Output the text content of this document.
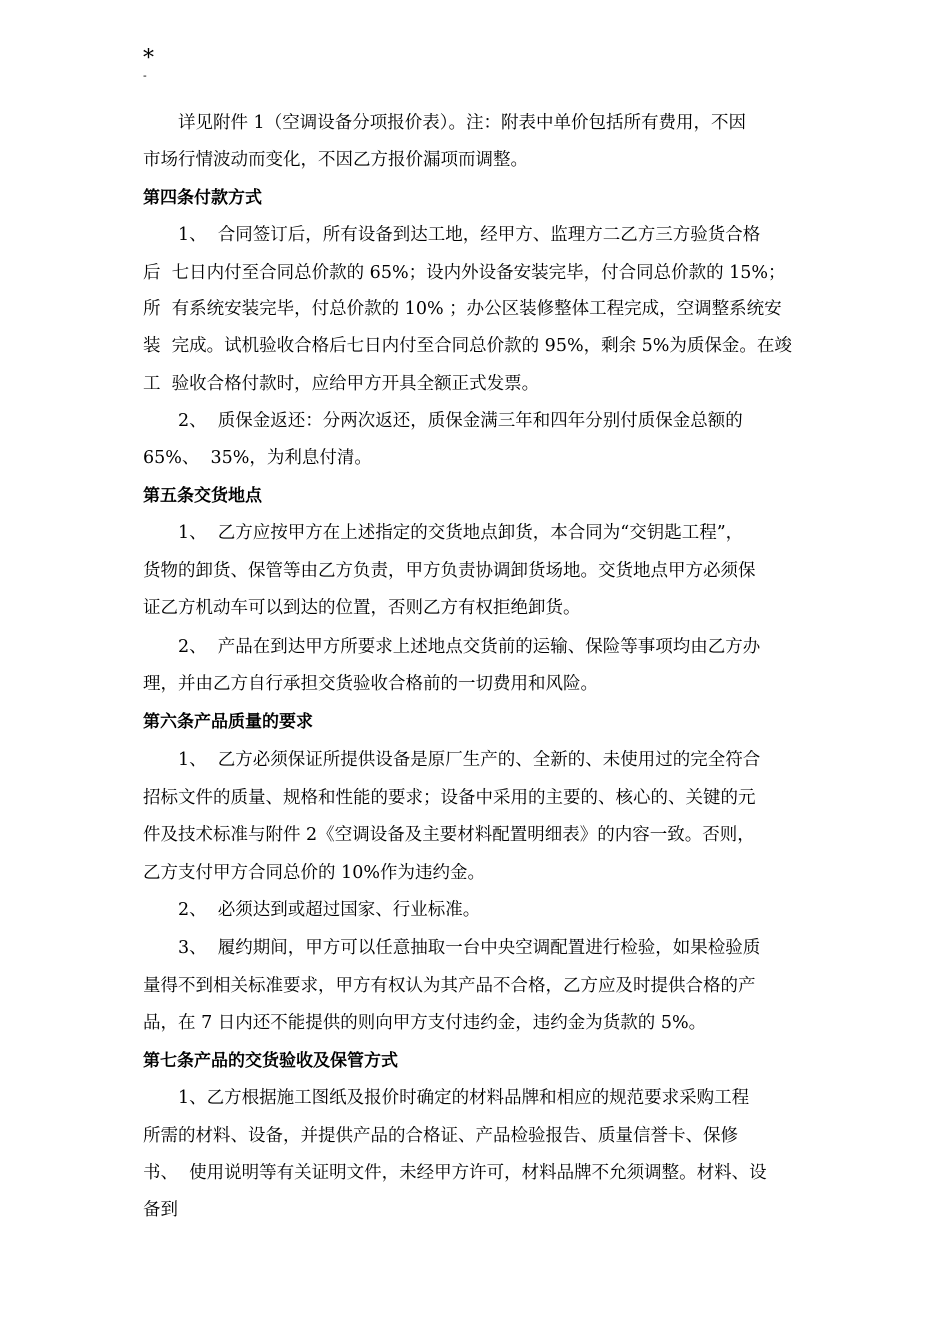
*
-

详见附件 1（空调设备分项报价表）。注：附表中单价包括所有费用，不因

市场行情波动而变化，不因乙方报价漏项而调整。

第四条付款方式

1、  合同签订后，所有设备到达工地，经甲方、监理方二乙方三方验货合格

后  七日内付至合同总价款的 65%；设内外设备安装完毕，付合同总价款的 15%；

所  有系统安装完毕，付总价款的 10% ；办公区装修整体工程完成，空调整系统安

装  完成。试机验收合格后七日内付至合同总价款的 95%，剩余 5%为质保金。在竣

工  验收合格付款时，应给甲方开具全额正式发票。

2、  质保金返还：分两次返还，质保金满三年和四年分别付质保金总额的

65%、  35%，为利息付清。

第五条交货地点

1、  乙方应按甲方在上述指定的交货地点卸货，本合同为“交钥匙工程”，

货物的卸货、保管等由乙方负责，甲方负责协调卸货场地。交货地点甲方必须保

证乙方机动车可以到达的位置，否则乙方有权拒绝卸货。

2、  产品在到达甲方所要求上述地点交货前的运输、保险等事项均由乙方办

理，并由乙方自行承担交货验收合格前的一切费用和风险。

第六条产品质量的要求

1、  乙方必须保证所提供设备是原厂生产的、全新的、未使用过的完全符合

招标文件的质量、规格和性能的要求；设备中采用的主要的、核心的、关键的元

件及技术标准与附件 2《空调设备及主要材料配置明细表》的内容一致。否则，

乙方支付甲方合同总价的 10%作为违约金。

2、  必须达到或超过国家、行业标准。

3、  履约期间，甲方可以任意抽取一台中央空调配置进行检验，如果检验质

量得不到相关标准要求，甲方有权认为其产品不合格，乙方应及时提供合格的产

品，在 7 日内还不能提供的则向甲方支付违约金，违约金为货款的 5%。

第七条产品的交货验收及保管方式

1、乙方根据施工图纸及报价时确定的材料品牌和相应的规范要求采购工程

所需的材料、设备，并提供产品的合格证、产品检验报告、质量信誉卡、保修

书、  使用说明等有关证明文件，未经甲方许可，材料品牌不允须调整。材料、设

备到
